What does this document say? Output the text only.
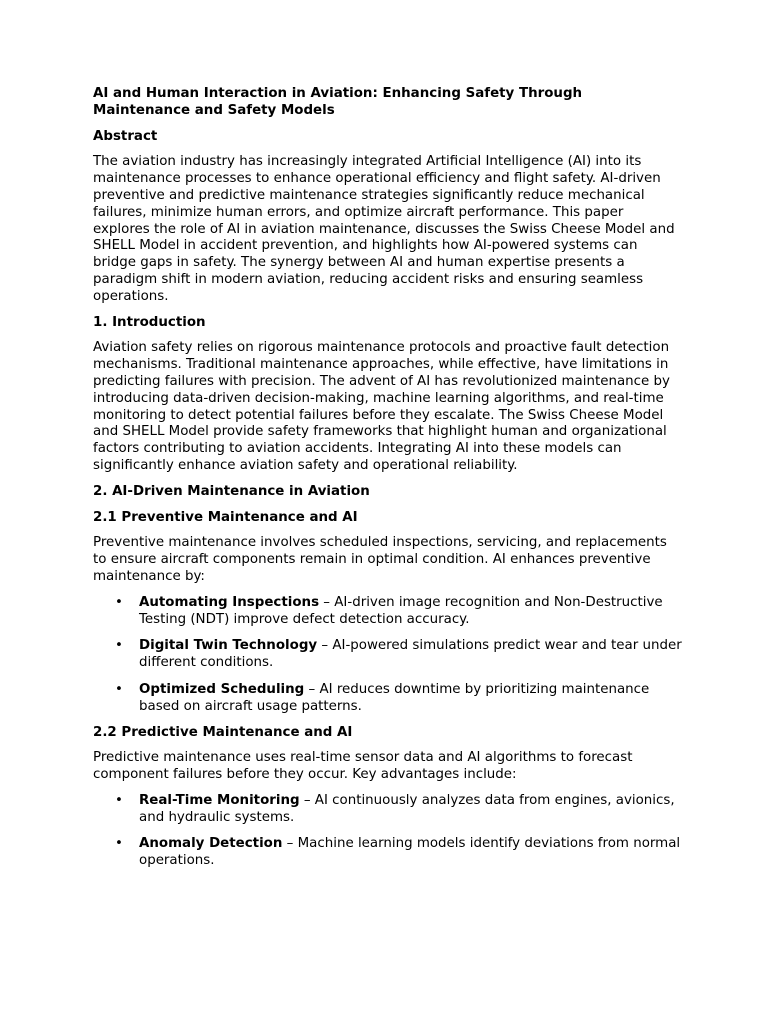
AI and Human Interaction in Aviation: Enhancing Safety Through Maintenance and Safety Models
Abstract

The aviation industry has increasingly integrated Artificial Intelligence (AI) into its maintenance processes to enhance operational efficiency and flight safety. AI-driven preventive and predictive maintenance strategies significantly reduce mechanical failures, minimize human errors, and optimize aircraft performance. This paper explores the role of AI in aviation maintenance, discusses the Swiss Cheese Model and SHELL Model in accident prevention, and highlights how AI-powered systems can bridge gaps in safety. The synergy between AI and human expertise presents a paradigm shift in modern aviation, reducing accident risks and ensuring seamless operations.

1. Introduction

Aviation safety relies on rigorous maintenance protocols and proactive fault detection mechanisms. Traditional maintenance approaches, while effective, have limitations in predicting failures with precision. The advent of AI has revolutionized maintenance by introducing data-driven decision-making, machine learning algorithms, and real-time monitoring to detect potential failures before they escalate. The Swiss Cheese Model and SHELL Model provide safety frameworks that highlight human and organizational factors contributing to aviation accidents. Integrating AI into these models can significantly enhance aviation safety and operational reliability.

2. AI-Driven Maintenance in Aviation
2.1 Preventive Maintenance and AI

Preventive maintenance involves scheduled inspections, servicing, and replacements to ensure aircraft components remain in optimal condition. AI enhances preventive maintenance by:

• Automating Inspections – AI-driven image recognition and Non-Destructive Testing (NDT) improve defect detection accuracy.
• Digital Twin Technology – AI-powered simulations predict wear and tear under different conditions.
• Optimized Scheduling – AI reduces downtime by prioritizing maintenance based on aircraft usage patterns.
2.2 Predictive Maintenance and AI

Predictive maintenance uses real-time sensor data and AI algorithms to forecast component failures before they occur. Key advantages include:

• Real-Time Monitoring – AI continuously analyzes data from engines, avionics, and hydraulic systems.
• Anomaly Detection – Machine learning models identify deviations from normal operations.
